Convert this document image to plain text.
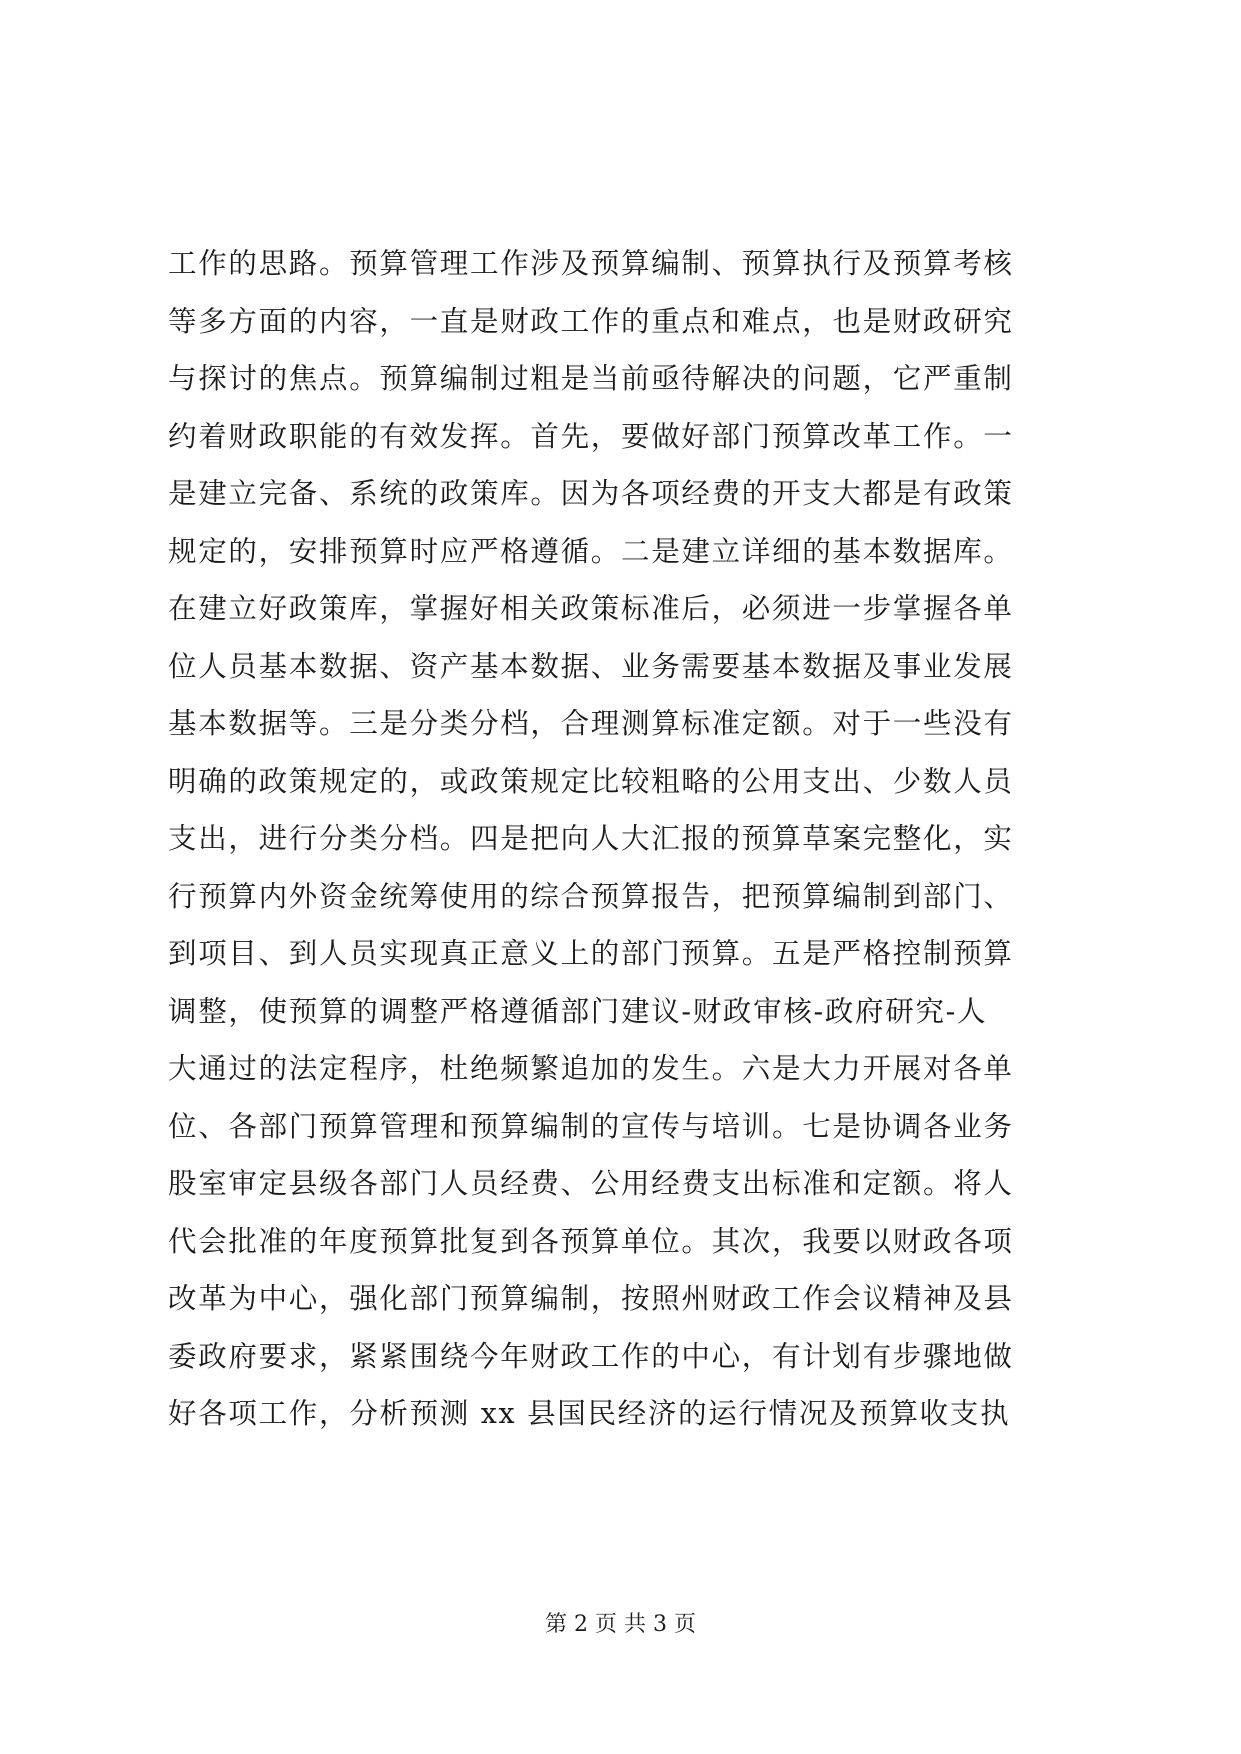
工作的思路。预算管理工作涉及预算编制、预算执行及预算考核
等多方面的内容，一直是财政工作的重点和难点，也是财政研究
与探讨的焦点。预算编制过粗是当前亟待解决的问题，它严重制
约着财政职能的有效发挥。首先，要做好部门预算改革工作。一
是建立完备、系统的政策库。因为各项经费的开支大都是有政策
规定的，安排预算时应严格遵循。二是建立详细的基本数据库。
在建立好政策库，掌握好相关政策标准后，必须进一步掌握各单
位人员基本数据、资产基本数据、业务需要基本数据及事业发展
基本数据等。三是分类分档，合理测算标准定额。对于一些没有
明确的政策规定的，或政策规定比较粗略的公用支出、少数人员
支出，进行分类分档。四是把向人大汇报的预算草案完整化，实
行预算内外资金统筹使用的综合预算报告，把预算编制到部门、
到项目、到人员实现真正意义上的部门预算。五是严格控制预算
调整，使预算的调整严格遵循部门建议-财政审核-政府研究-人
大通过的法定程序，杜绝频繁追加的发生。六是大力开展对各单
位、各部门预算管理和预算编制的宣传与培训。七是协调各业务
股室审定县级各部门人员经费、公用经费支出标准和定额。将人
代会批准的年度预算批复到各预算单位。其次，我要以财政各项
改革为中心，强化部门预算编制，按照州财政工作会议精神及县
委政府要求，紧紧围绕今年财政工作的中心，有计划有步骤地做
好各项工作，分析预测 xx 县国民经济的运行情况及预算收支执
第 2 页 共 3 页
